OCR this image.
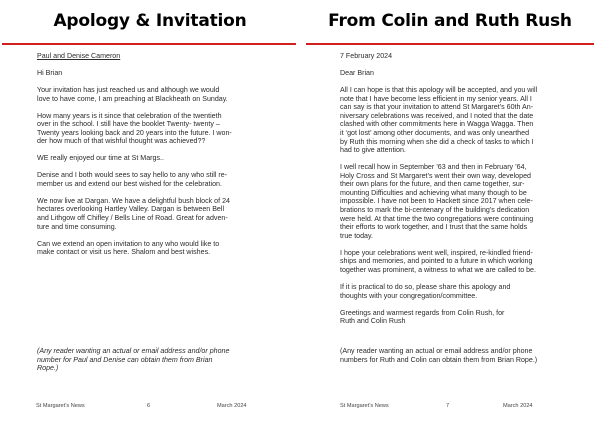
Apology & Invitation

Paul and Denise Cameron

Hi Brian

Your invitation has just reached us and although we would
love to have come, I am preaching at Blackheath on Sunday.

How many years is it since that celebration of the twentieth
over in the school. I still have the booklet Twenty- twenty –
Twenty years looking back and 20 years into the future. I won-
der how much of that wishful thought was achieved??

WE really enjoyed our time at St Margs..

Denise and I both would sees to say hello to any who still re-
member us and extend our best wished for the celebration.

We now live at Dargan. We have a delightful bush block of 24
hectares overlooking Hartley Valley. Dargan is between Bell
and Lithgow off Chifley / Bells Line of Road. Great for adven-
ture and time consuming.

Can we extend an open invitation to any who would like to
make contact or visit us here. Shalom and best wishes.

(Any reader wanting an actual or email address and/or phone
number for Paul and Denise can obtain them from Brian
Rope.)
St Margaret’s News	6	March 2024
From Colin and Ruth Rush

7 February 2024

Dear Brian

All I can hope is that this apology will be accepted, and you will
note that I have become less efficient in my senior years. All I
can say is that your invitation to attend St Margaret’s 60th An-
niversary celebrations was received, and I noted that the date
clashed with other commitments here in Wagga Wagga. Then
it ‘got lost’ among other documents, and was only unearthed
by Ruth this morning when she did a check of tasks to which I
had to give attention.

I well recall how in September ’63 and then in February ’64,
Holy Cross and St Margaret’s went their own way, developed
their own plans for the future, and then came together, sur-
mounting Difficulties and achieving what many though to be
impossible. I have not been to Hackett since 2017 when cele-
brations to mark the bi-centenary of the building’s dedication
were held. At that time the two congregations were continuing
their efforts to work together, and I trust that the same holds
true today.

I hope your celebrations went well, inspired, re-kindled friend-
ships and memories, and pointed to a future in which working
together was prominent, a witness to what we are called to be.

If it is practical to do so, please share this apology and
thoughts with your congregation/committee.

Greetings and warmest regards from Colin Rush, for
Ruth and Colin Rush

(Any reader wanting an actual or email address and/or phone
numbers for Ruth and Colin can obtain them from Brian Rope.)
St Margaret’s News	7	March 2024
